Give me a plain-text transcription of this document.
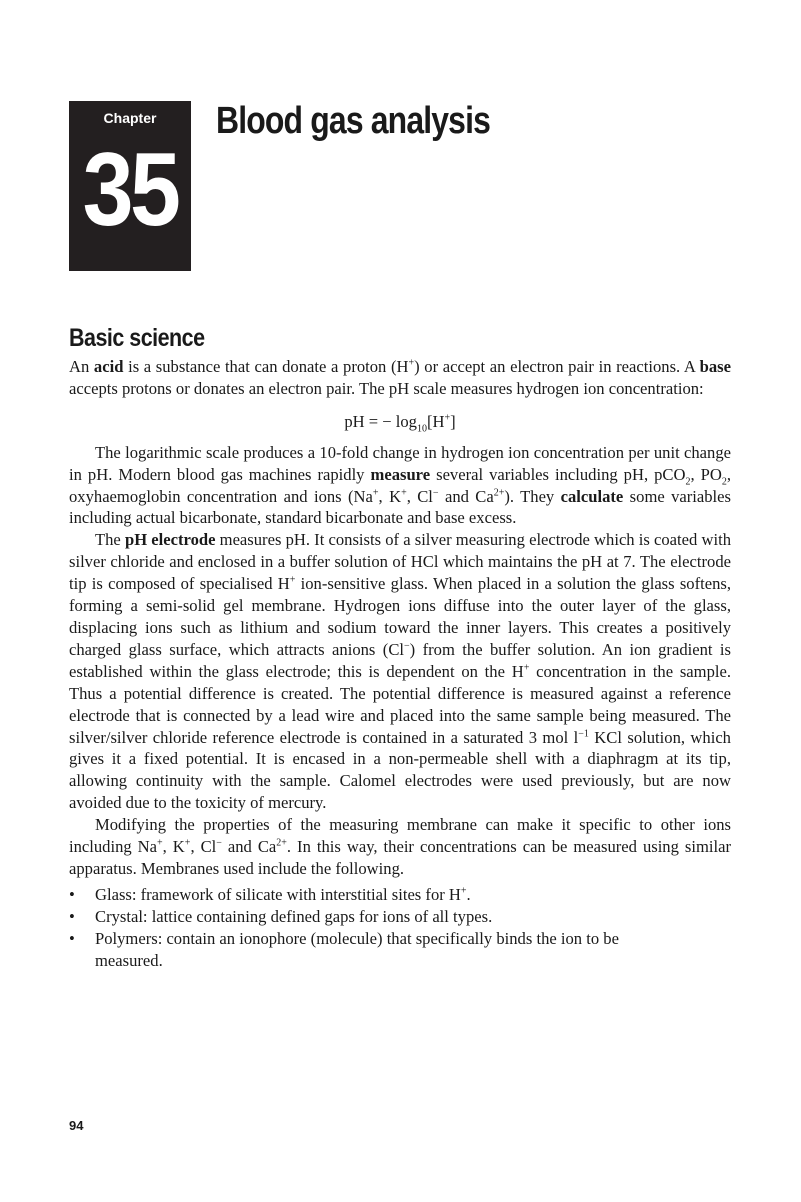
Chapter
35
Blood gas analysis
Basic science

An acid is a substance that can donate a proton (H+) or accept an electron pair in reactions. A base accepts protons or donates an electron pair. The pH scale measures hydrogen ion concentration:

pH = − $\log_{10}[H^+]$

The logarithmic scale produces a 10-fold change in hydrogen ion concentration per unit change in pH. Modern blood gas machines rapidly measure several variables including pH, pCO$_2$, $PO_2$, oxyhaemoglobin concentration and ions (Na+, K+, Cl− and $Ca^{2+}$). They calculate some variables including actual bicarbonate, standard bicarbonate and base excess.

The pH electrode measures pH. It consists of a silver measuring electrode which is coated with silver chloride and enclosed in a buffer solution of HCl which maintains the pH at 7. The electrode tip is composed of specialised H+ ion-sensitive glass. When placed in a solution the glass softens, forming a semi-solid gel membrane. Hydrogen ions diffuse into the outer layer of the glass, displacing ions such as lithium and sodium toward the inner layers. This creates a positively charged glass surface, which attracts anions (Cl−) from the buffer solution. An ion gradient is established within the glass electrode; this is dependent on the H+ concentration in the sample. Thus a potential difference is created. The potential difference is measured against a reference electrode that is connected by a lead wire and placed into the same sample being measured. The silver/silver chloride reference electrode is contained in a saturated 3 mol $l^{-1}$ KCl solution, which gives it a fixed potential. It is encased in a non-permeable shell with a diaphragm at its tip, allowing continuity with the sample. Calomel electrodes were used previously, but are now avoided due to the toxicity of mercury.

Modifying the properties of the measuring membrane can make it specific to other ions including Na+, K+, Cl− and $Ca^{2+}$. In this way, their concentrations can be measured using similar apparatus. Membranes used include the following.

• Glass: framework of silicate with interstitial sites for H+.
• Crystal: lattice containing defined gaps for ions of all types.
• Polymers: contain an ionophore (molecule) that specifically binds the ion to be measured.
94
